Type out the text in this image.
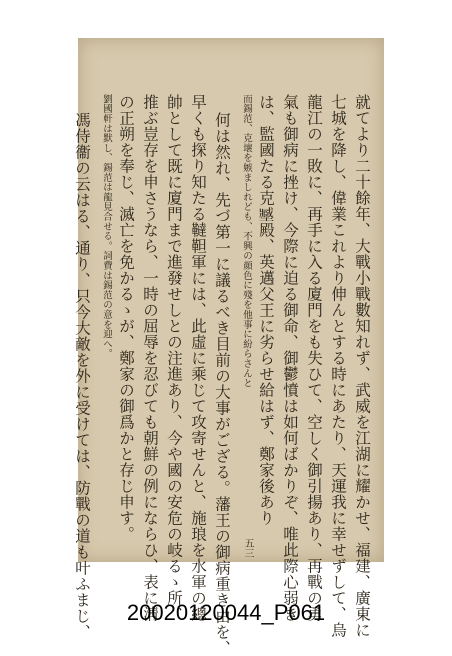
就てより二十餘年、大戰小戰數知れず、武威を江湖に耀かせ、福建、廣東に
七城を降し、偉業これより伸んとする時にあたり、天運我に幸せずして、烏
龍江の一敗に、再手に入る廈門をも失ひて、空しく御引揚あり、再戰の勇
氣も御病に挫け、今際に迫る御命、御鬱憤は如何ばかりぞ、唯此際心弱き
は、監國たる克𡒉殿、英邁父王に劣らせ給はず、鄭家後あり
而錫范、克壞を嫉ましれども、不興の顔色に殘を他事に紛らさんと
何は然れ、先づ第一に議るべき目前の大事がござる。藩王の御病重き由を、
早くも探り知たる韃靼軍には、此虛に乘じて攻寄せんと、施琅を水軍の總
帥として既に廈門まで進發せしとの注進あり、今や國の安危の岐るゝ所、
推ぶ豈存を申さうなら、一時の屈辱を忍びても朝鮮の例にならひ、表に淸
の正朔を奉じ、滅亡を免かるゝが、鄭家の御爲かと存じ申す。
劉國軒は默し、錫范は龍見合せる。詞費は錫范の意を迎へ。
馮侍衞の云はる、通り、只今大敵を外に受けては、防戰の道も叶ふまじ、	五三
20020120044_P061
